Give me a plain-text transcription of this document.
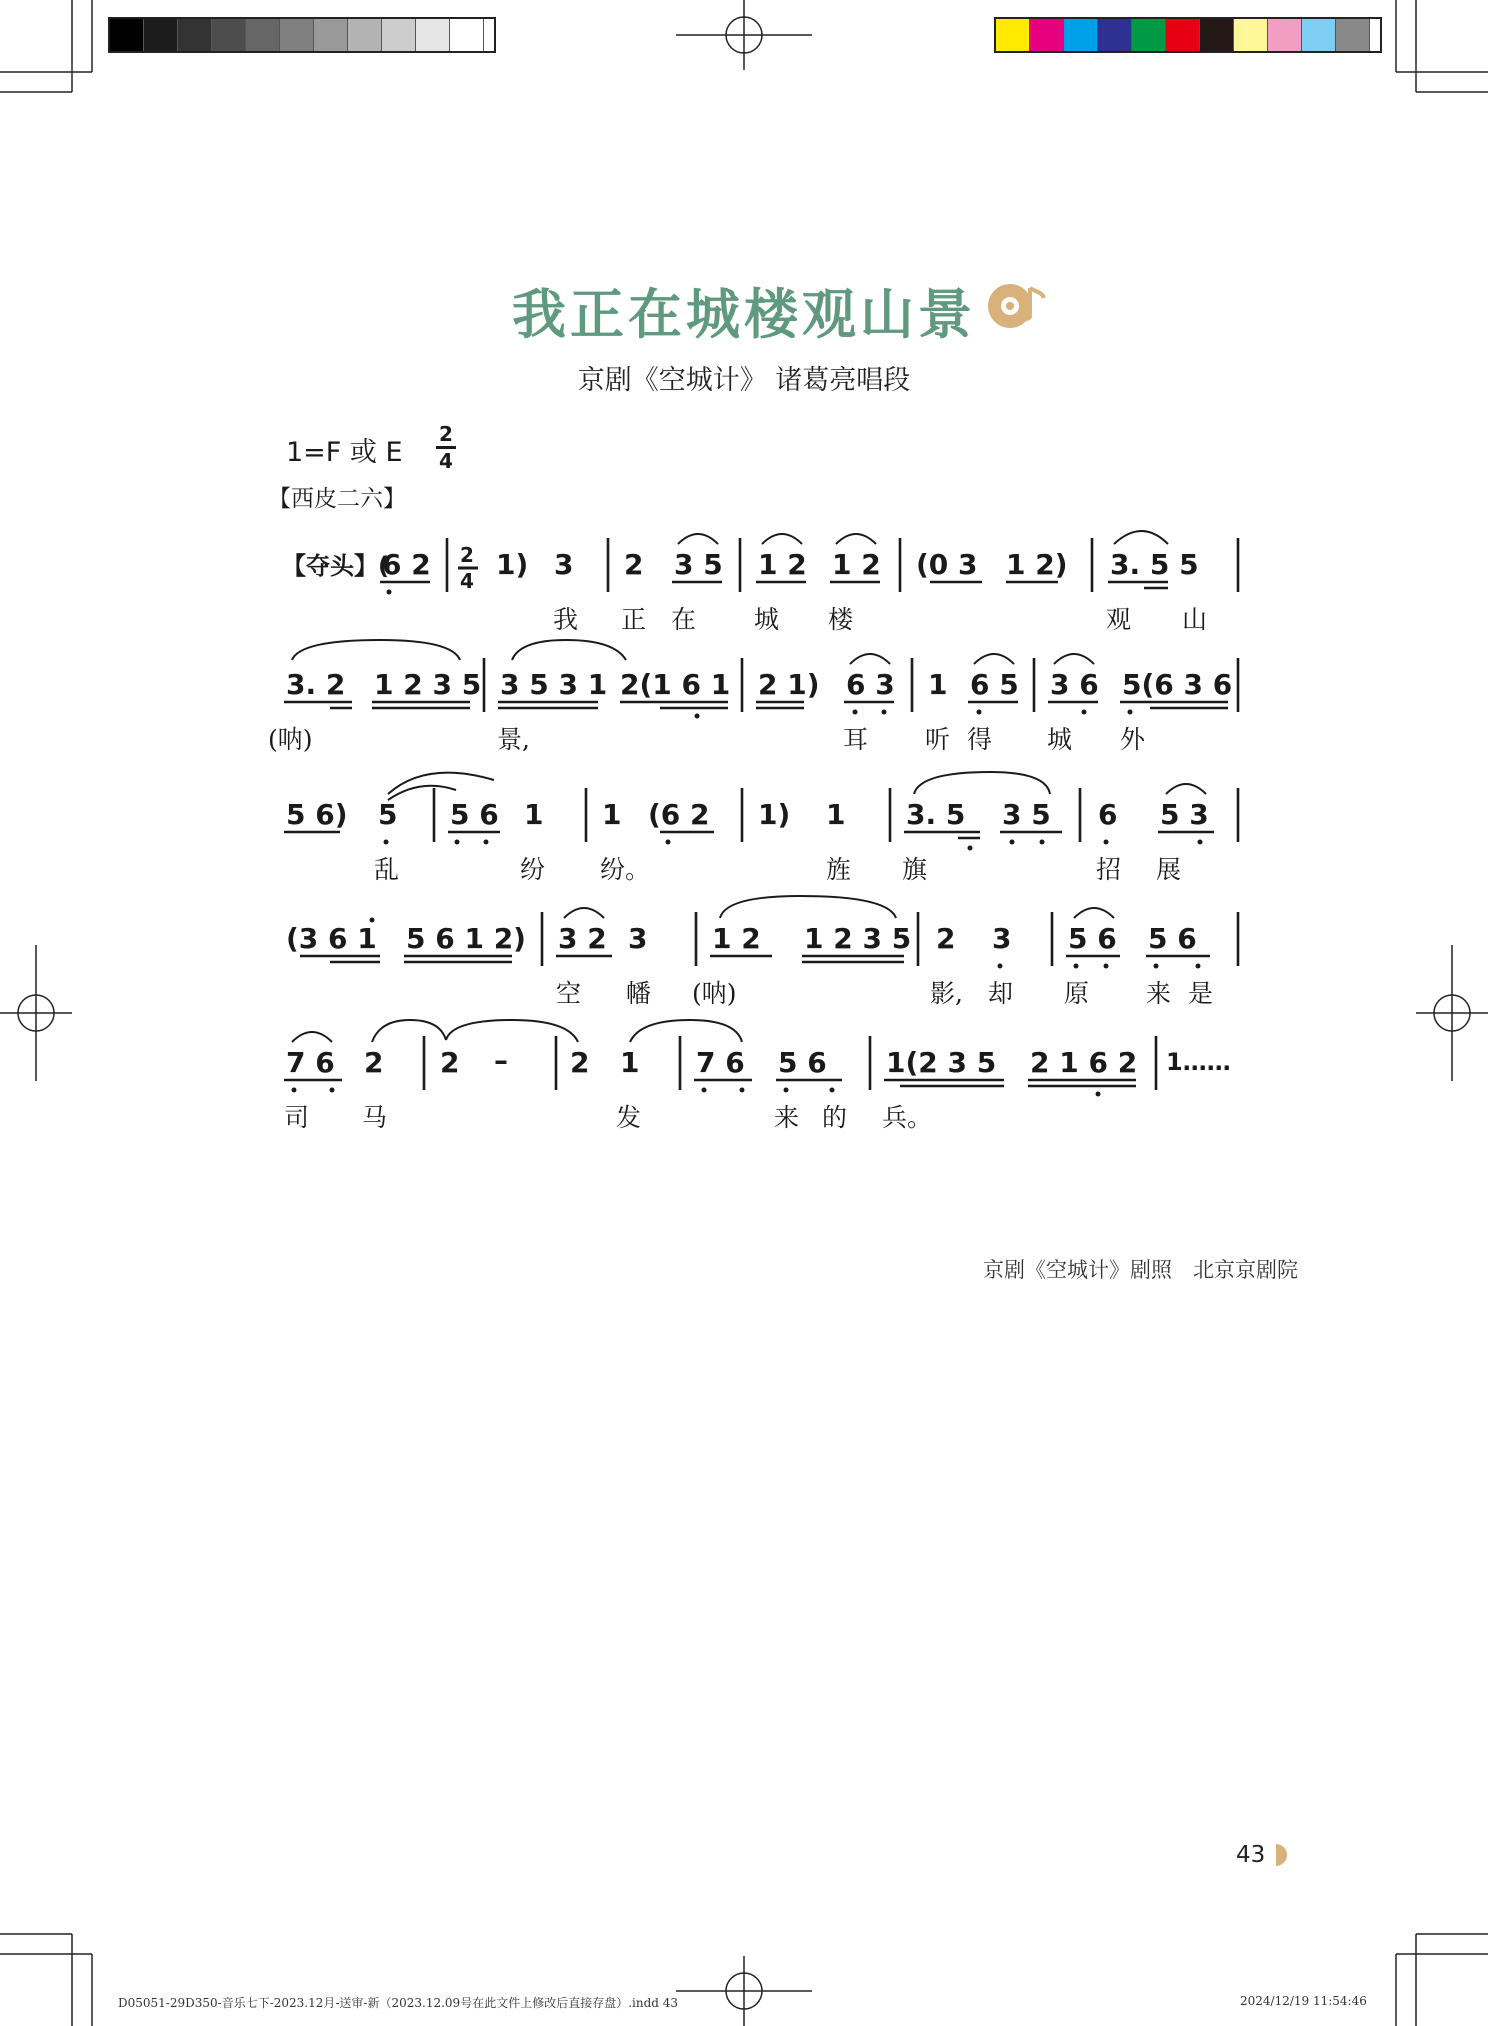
我正在城楼观山景
京剧《空城计》 诸葛亮唱段
1=F 或 E
2
4
【西皮二六】
【夺头】(
6 2 2
4 1) 3 2 3 5 1 2 1 2 (0 3 1 2) 3. 5 5
我 正 在 城 楼	观 山
3. 2 1 2 3 5 3 5 3 1 2(1 6 1 2 1) 6 3 1 6 5 3 6 5(6 3 6
(呐)	景,	耳 听 得 城 外
5 6) 5 5 6 1 1 (6 2 1) 1 3. 5 3 5 6 5 3
乱	纷 纷。	旌 旗	招 展
(3 6 1 5 6 1 2) 3 2 3 1 2 1 2 3 5 2 3 5 6 5 6
空 幡 (呐)	影, 却 原 来 是
7 6 2 2 – 2 1 7 6 5 6 1(2 3 5 2 1 6 2 1……
司 马	发	来 的 兵。
京剧《空城计》剧照　北京京剧院
43
D05051-29D350-音乐七下-2023.12月-送审-新（2023.12.09号在此文件上修改后直接存盘）.indd 43	2024/12/19 11:54:46
